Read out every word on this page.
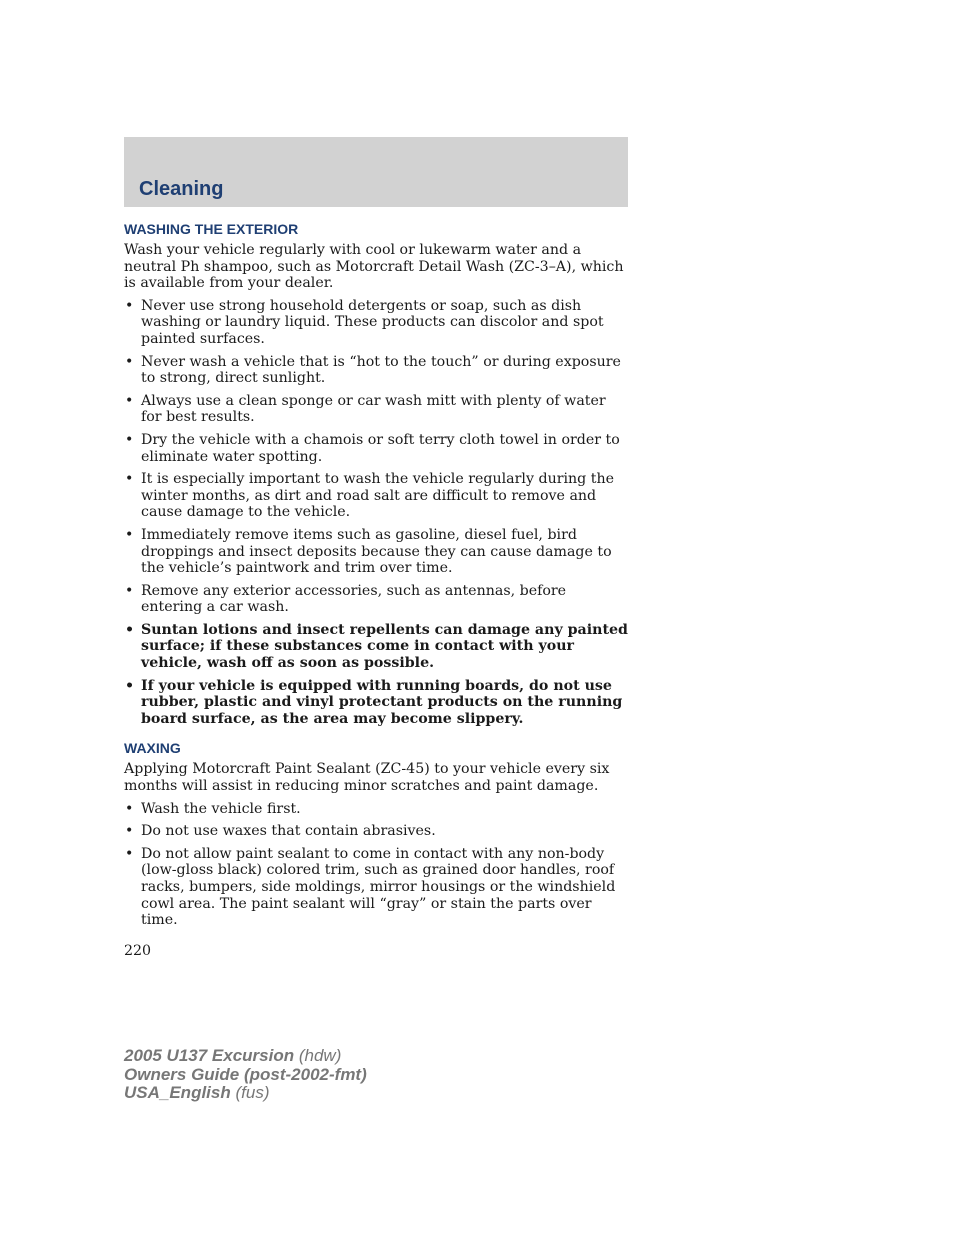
Cleaning
WASHING THE EXTERIOR

Wash your vehicle regularly with cool or lukewarm water and a neutral Ph shampoo, such as Motorcraft Detail Wash (ZC-3–A), which is available from your dealer.

• Never use strong household detergents or soap, such as dish washing or laundry liquid. These products can discolor and spot painted surfaces.
• Never wash a vehicle that is “hot to the touch” or during exposure to strong, direct sunlight.
• Always use a clean sponge or car wash mitt with plenty of water for best results.
• Dry the vehicle with a chamois or soft terry cloth towel in order to eliminate water spotting.
• It is especially important to wash the vehicle regularly during the winter months, as dirt and road salt are difficult to remove and cause damage to the vehicle.
• Immediately remove items such as gasoline, diesel fuel, bird droppings and insect deposits because they can cause damage to the vehicle’s paintwork and trim over time.
• Remove any exterior accessories, such as antennas, before entering a car wash.
• Suntan lotions and insect repellents can damage any painted surface; if these substances come in contact with your vehicle, wash off as soon as possible.
• If your vehicle is equipped with running boards, do not use rubber, plastic and vinyl protectant products on the running board surface, as the area may become slippery.
WAXING

Applying Motorcraft Paint Sealant (ZC-45) to your vehicle every six months will assist in reducing minor scratches and paint damage.

• Wash the vehicle first.
• Do not use waxes that contain abrasives.
• Do not allow paint sealant to come in contact with any non-body (low-gloss black) colored trim, such as grained door handles, roof racks, bumpers, side moldings, mirror housings or the windshield cowl area. The paint sealant will “gray” or stain the parts over time.
220
2005 U137 Excursion (hdw)
Owners Guide (post-2002-fmt)
USA_English (fus)
